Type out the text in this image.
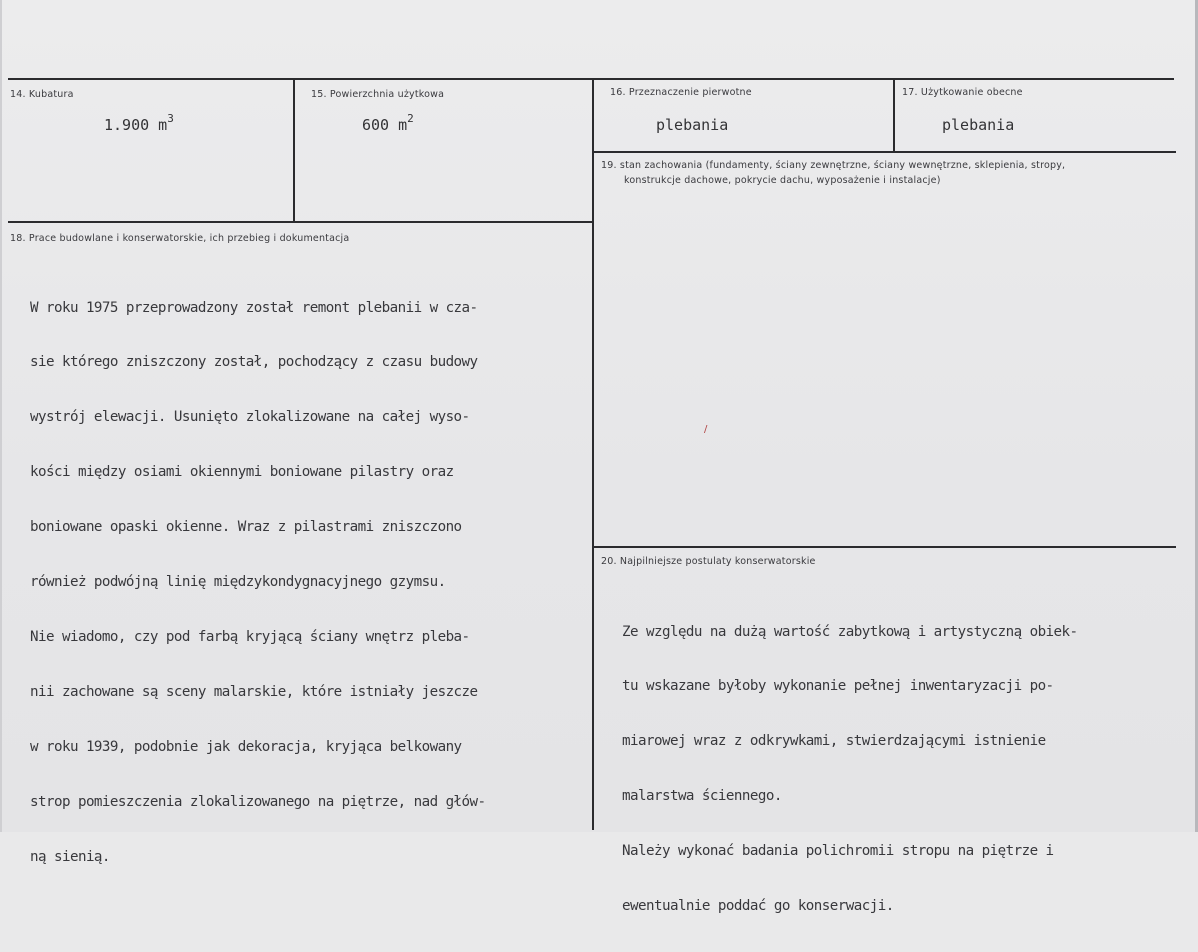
14. Kubatura
1.900 $m^3$
15. Powierzchnia użytkowa
600 $m^2$
16. Przeznaczenie pierwotne
plebania
17. Użytkowanie obecne
plebania
18. Prace budowlane i konserwatorskie, ich przebieg i dokumentacja

W roku 1975 przeprowadzony został remont plebanii w cza-

sie którego zniszczony został, pochodzący z czasu budowy

wystrój elewacji. Usunięto zlokalizowane na całej wyso-

kości między osiami okiennymi boniowane pilastry oraz

boniowane opaski okienne. Wraz z pilastrami zniszczono

również podwójną linię międzykondygnacyjnego gzymsu.

Nie wiadomo, czy pod farbą kryjącą ściany wnętrz pleba-

nii zachowane są sceny malarskie, które istniały jeszcze

w roku 1939, podobnie jak dekoracja, kryjąca belkowany

strop pomieszczenia zlokalizowanego na piętrze, nad głów-

ną sienią.

19. stan zachowania (fundamenty, ściany zewnętrzne, ściany wewnętrzne, sklepienia, stropy,
konstrukcje dachowe, pokrycie dachu, wyposażenie i instalacje)
/
20. Najpilniejsze postulaty konserwatorskie

Ze względu na dużą wartość zabytkową i artystyczną obiek-

tu wskazane byłoby wykonanie pełnej inwentaryzacji po-

miarowej wraz z odkrywkami, stwierdzającymi istnienie

malarstwa ściennego.

Należy wykonać badania polichromii stropu na piętrze i

ewentualnie poddać go konserwacji.
